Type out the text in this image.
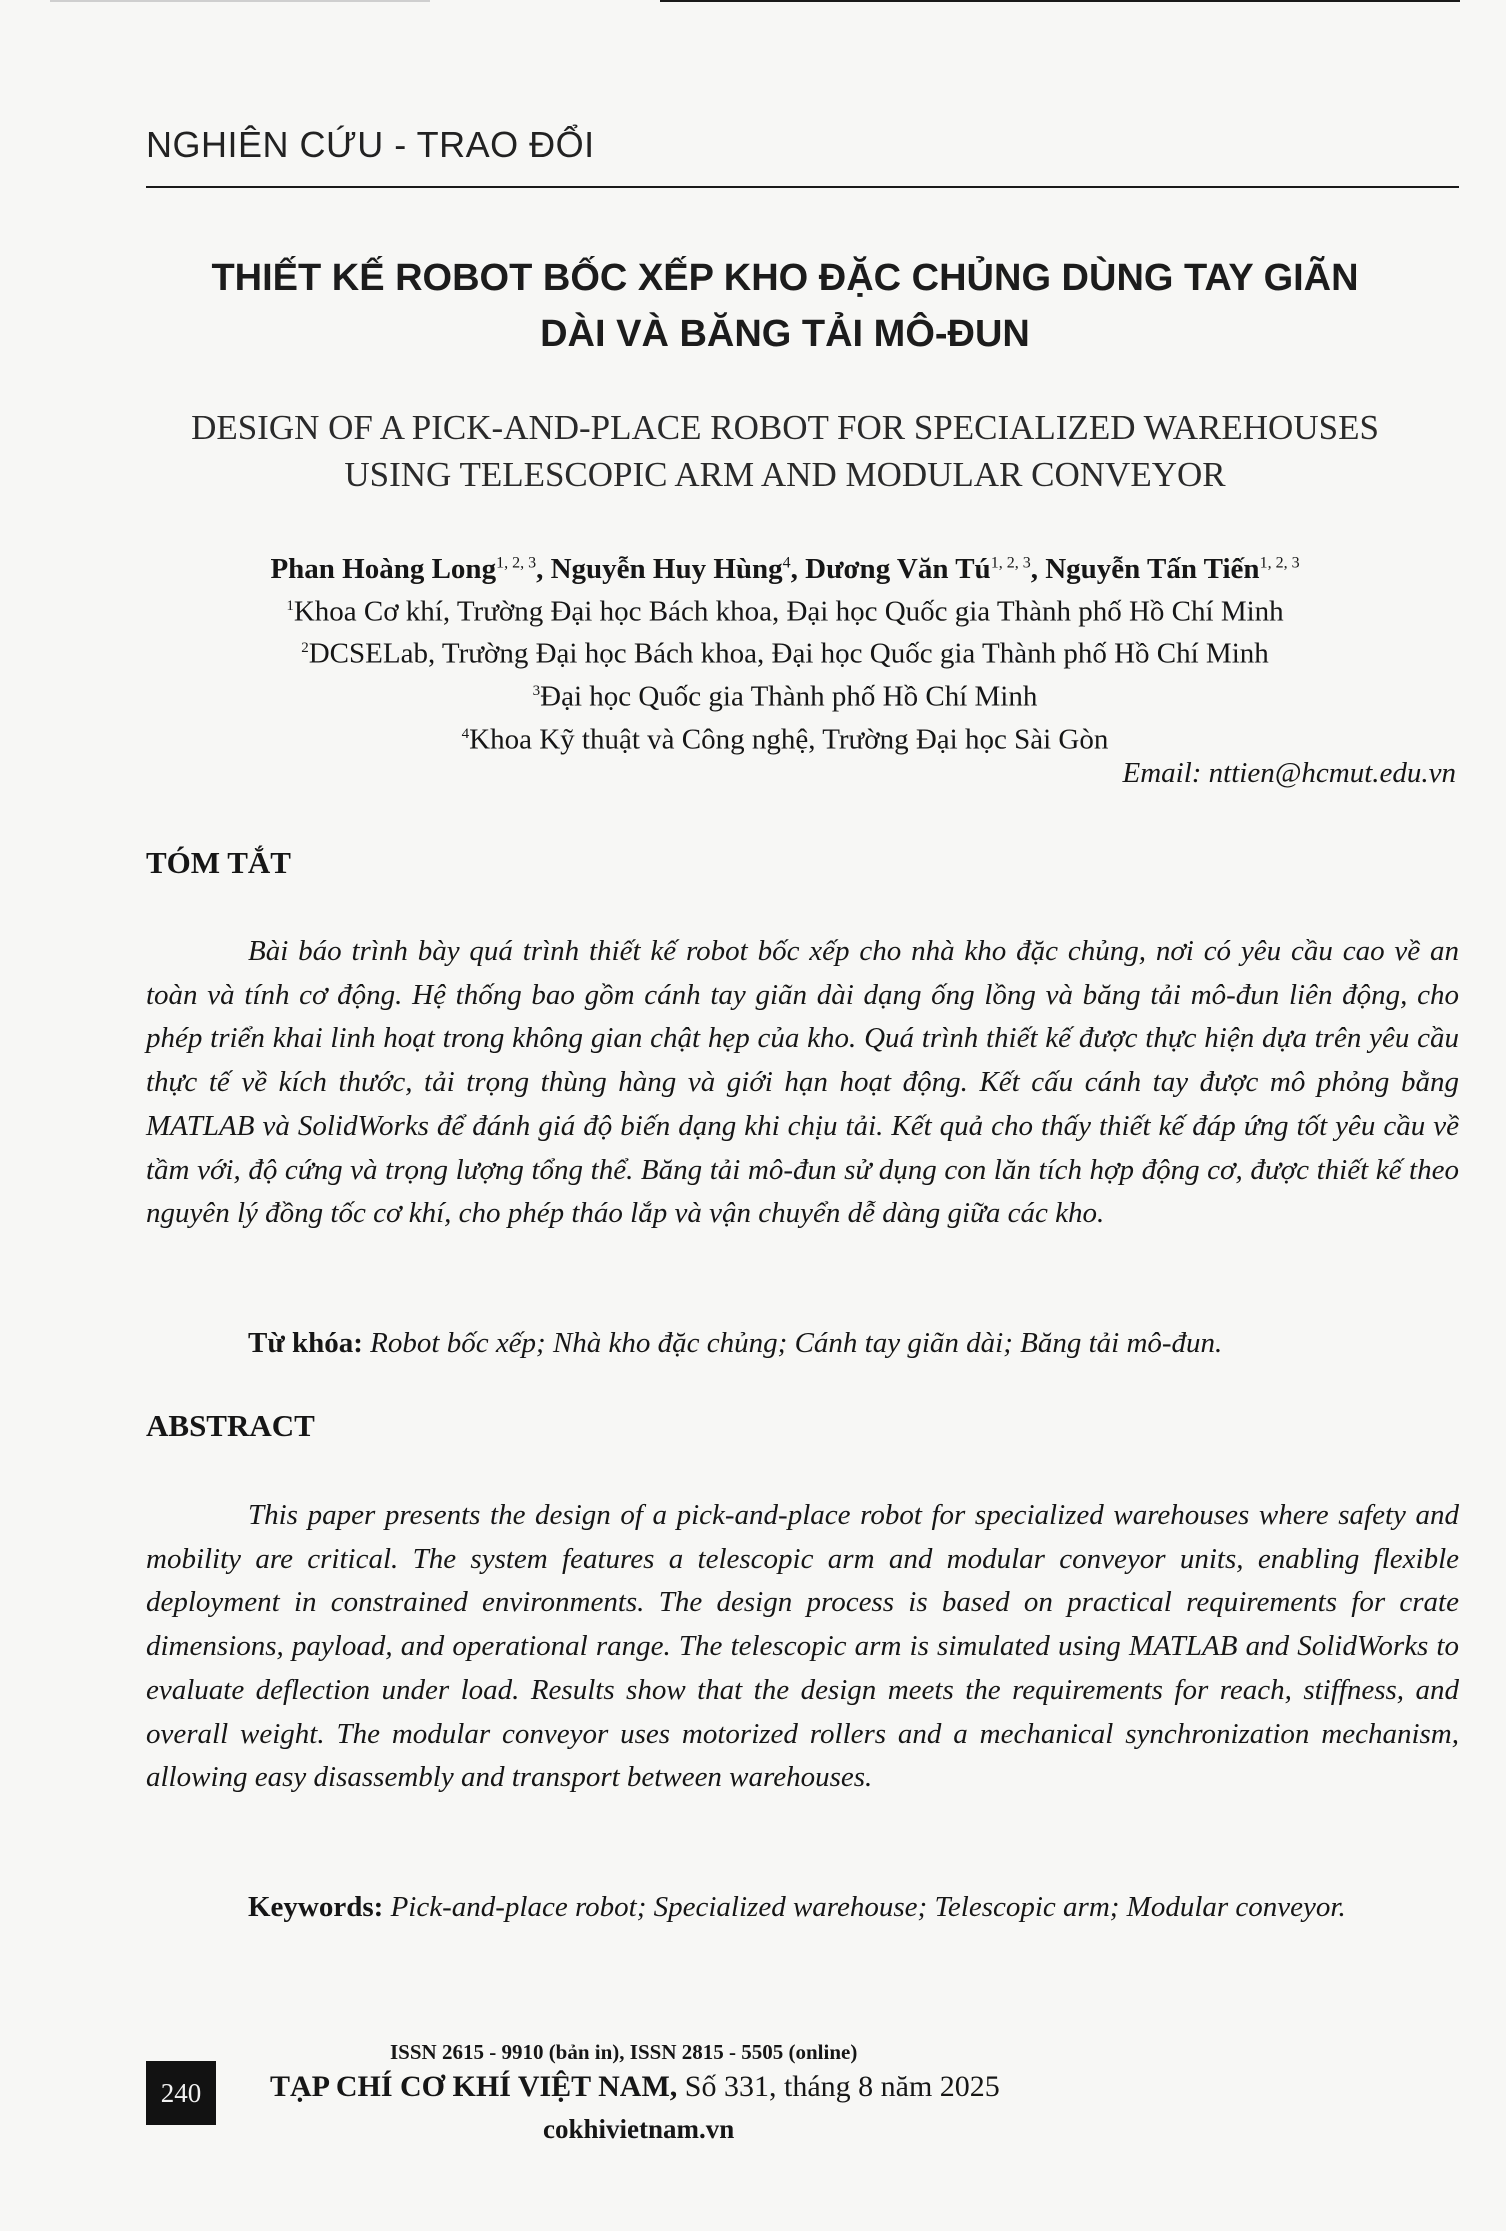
NGHIÊN CỨU - TRAO ĐỔI
THIẾT KẾ ROBOT BỐC XẾP KHO ĐẶC CHỦNG DÙNG TAY GIÃN
DÀI VÀ BĂNG TẢI MÔ-ĐUN
DESIGN OF A PICK-AND-PLACE ROBOT FOR SPECIALIZED WAREHOUSES
USING TELESCOPIC ARM AND MODULAR CONVEYOR
Phan Hoàng Long$^{1, 2, 3}$, Nguyễn Huy Hùng$^4$, Dương Văn Tú$^{1, 2, 3}$, Nguyễn Tấn Tiến$^{1, 2, 3}$
$^1$Khoa Cơ khí, Trường Đại học Bách khoa, Đại học Quốc gia Thành phố Hồ Chí Minh
$^2$DCSELab, Trường Đại học Bách khoa, Đại học Quốc gia Thành phố Hồ Chí Minh
$^3$Đại học Quốc gia Thành phố Hồ Chí Minh
$^4$Khoa Kỹ thuật và Công nghệ, Trường Đại học Sài Gòn
Email: nttien@hcmut.edu.vn
TÓM TẮT
Bài báo trình bày quá trình thiết kế robot bốc xếp cho nhà kho đặc chủng, nơi có yêu cầu cao về an toàn và tính cơ động. Hệ thống bao gồm cánh tay giãn dài dạng ống lồng và băng tải mô-đun liên động, cho phép triển khai linh hoạt trong không gian chật hẹp của kho. Quá trình thiết kế được thực hiện dựa trên yêu cầu thực tế về kích thước, tải trọng thùng hàng và giới hạn hoạt động. Kết cấu cánh tay được mô phỏng bằng MATLAB và SolidWorks để đánh giá độ biến dạng khi chịu tải. Kết quả cho thấy thiết kế đáp ứng tốt yêu cầu về tầm với, độ cứng và trọng lượng tổng thể. Băng tải mô-đun sử dụng con lăn tích hợp động cơ, được thiết kế theo nguyên lý đồng tốc cơ khí, cho phép tháo lắp và vận chuyển dễ dàng giữa các kho.
Từ khóa: Robot bốc xếp; Nhà kho đặc chủng; Cánh tay giãn dài; Băng tải mô-đun.
ABSTRACT
This paper presents the design of a pick-and-place robot for specialized warehouses where safety and mobility are critical. The system features a telescopic arm and modular conveyor units, enabling flexible deployment in constrained environments. The design process is based on practical requirements for crate dimensions, payload, and operational range. The telescopic arm is simulated using MATLAB and SolidWorks to evaluate deflection under load. Results show that the design meets the requirements for reach, stiffness, and overall weight. The modular conveyor uses motorized rollers and a mechanical synchronization mechanism, allowing easy disassembly and transport between warehouses.
Keywords: Pick-and-place robot; Specialized warehouse; Telescopic arm; Modular conveyor.
ISSN 2615 - 9910 (bản in), ISSN 2815 - 5505 (online)
240	TẠP CHÍ CƠ KHÍ VIỆT NAM, Số 331, tháng 8 năm 2025
cokhivietnam.vn
